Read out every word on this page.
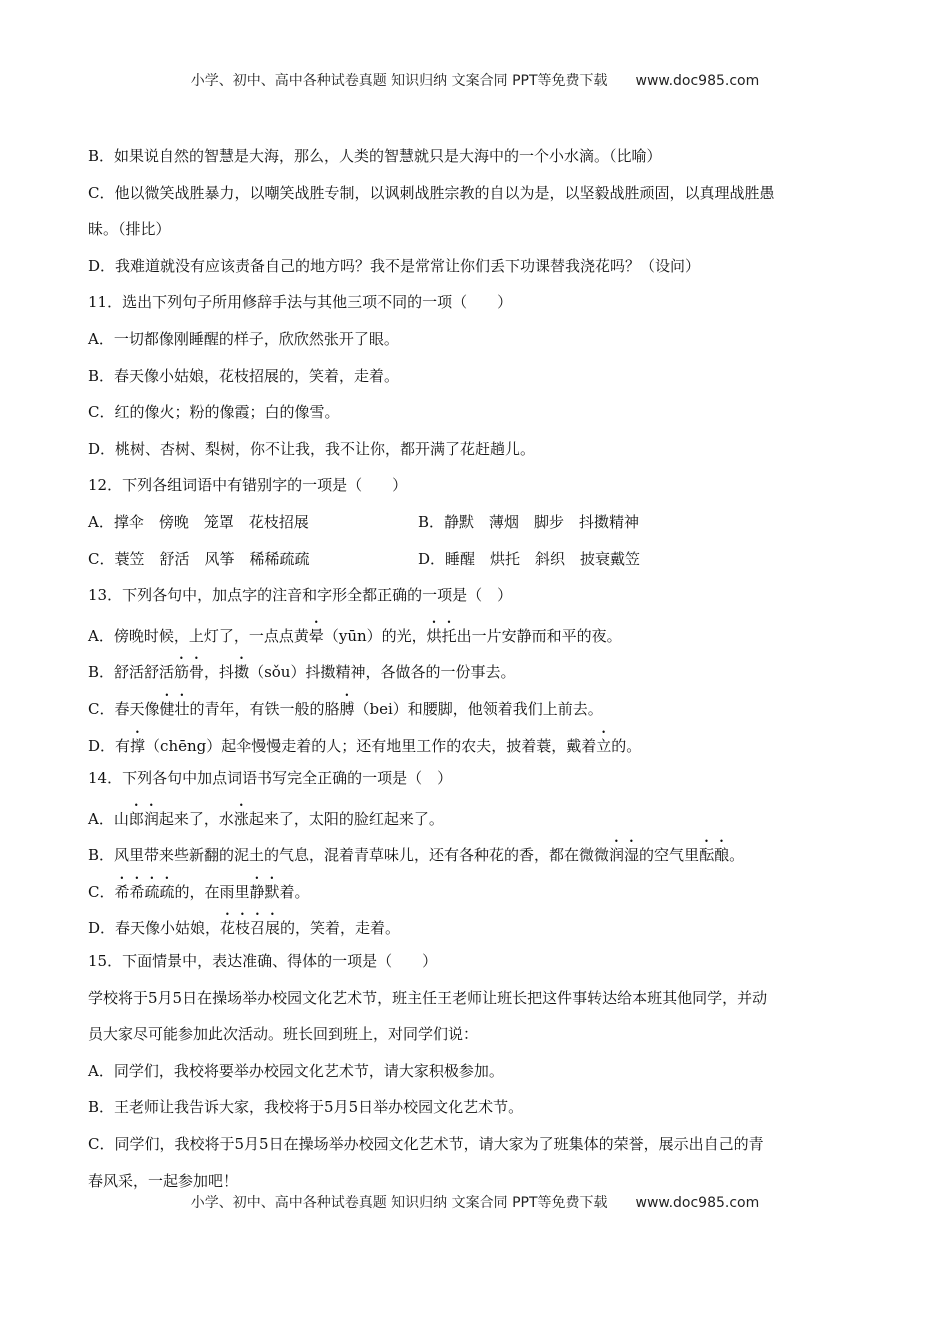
小学、初中、高中各种试卷真题 知识归纳 文案合同 PPT等免费下载 www.doc985.com
B．如果说自然的智慧是大海，那么，人类的智慧就只是大海中的一个小水滴。（比喻）
C．他以微笑战胜暴力，以嘲笑战胜专制，以讽刺战胜宗教的自以为是，以坚毅战胜顽固，以真理战胜愚
昧。（排比）
D．我难道就没有应该责备自己的地方吗？我不是常常让你们丢下功课替我浇花吗？（设问）
11．选出下列句子所用修辞手法与其他三项不同的一项（　　）
A．一切都像刚睡醒的样子，欣欣然张开了眼。
B．春天像小姑娘，花枝招展的，笑着，走着。
C．红的像火；粉的像霞；白的像雪。
D．桃树、杏树、梨树，你不让我，我不让你，都开满了花赶趟儿。
12．下列各组词语中有错别字的一项是（　　）
A．撑伞　傍晚　笼罩　花枝招展	B．静默　薄烟　脚步　抖擞精神
C．蓑笠　舒活　风筝　稀稀疏疏	D．睡醒　烘托　斜织　披衰戴笠
13．下列各句中，加点字的注音和字形全都正确的一项是（　）
A．傍晚时候，上灯了，一点点黄晕（yūn）的光，烘托出一片安静而和平的夜。
B．舒活舒活筋骨，抖擞（sǒu）抖擞精神，各做各的一份事去。
C．春天像健壮的青年，有铁一般的胳膊（bei）和腰脚，他领着我们上前去。
D．有撑（chēng）起伞慢慢走着的人；还有地里工作的农夫，披着蓑，戴着立的。
14．下列各句中加点词语书写完全正确的一项是（　）
A．山郎润起来了，水涨起来了，太阳的脸红起来了。
B．风里带来些新翻的泥土的气息，混着青草味儿，还有各种花的香，都在微微润湿的空气里酝酿。
C．希希疏疏的，在雨里静默着。
D．春天像小姑娘，花枝召展的，笑着，走着。
15．下面情景中，表达准确、得体的一项是（　　）
学校将于5月5日在操场举办校园文化艺术节，班主任王老师让班长把这件事转达给本班其他同学，并动
员大家尽可能参加此次活动。班长回到班上，对同学们说：
A．同学们，我校将要举办校园文化艺术节，请大家积极参加。
B．王老师让我告诉大家，我校将于5月5日举办校园文化艺术节。
C．同学们，我校将于5月5日在操场举办校园文化艺术节，请大家为了班集体的荣誉，展示出自己的青
春风采，一起参加吧！
小学、初中、高中各种试卷真题 知识归纳 文案合同 PPT等免费下载 www.doc985.com
